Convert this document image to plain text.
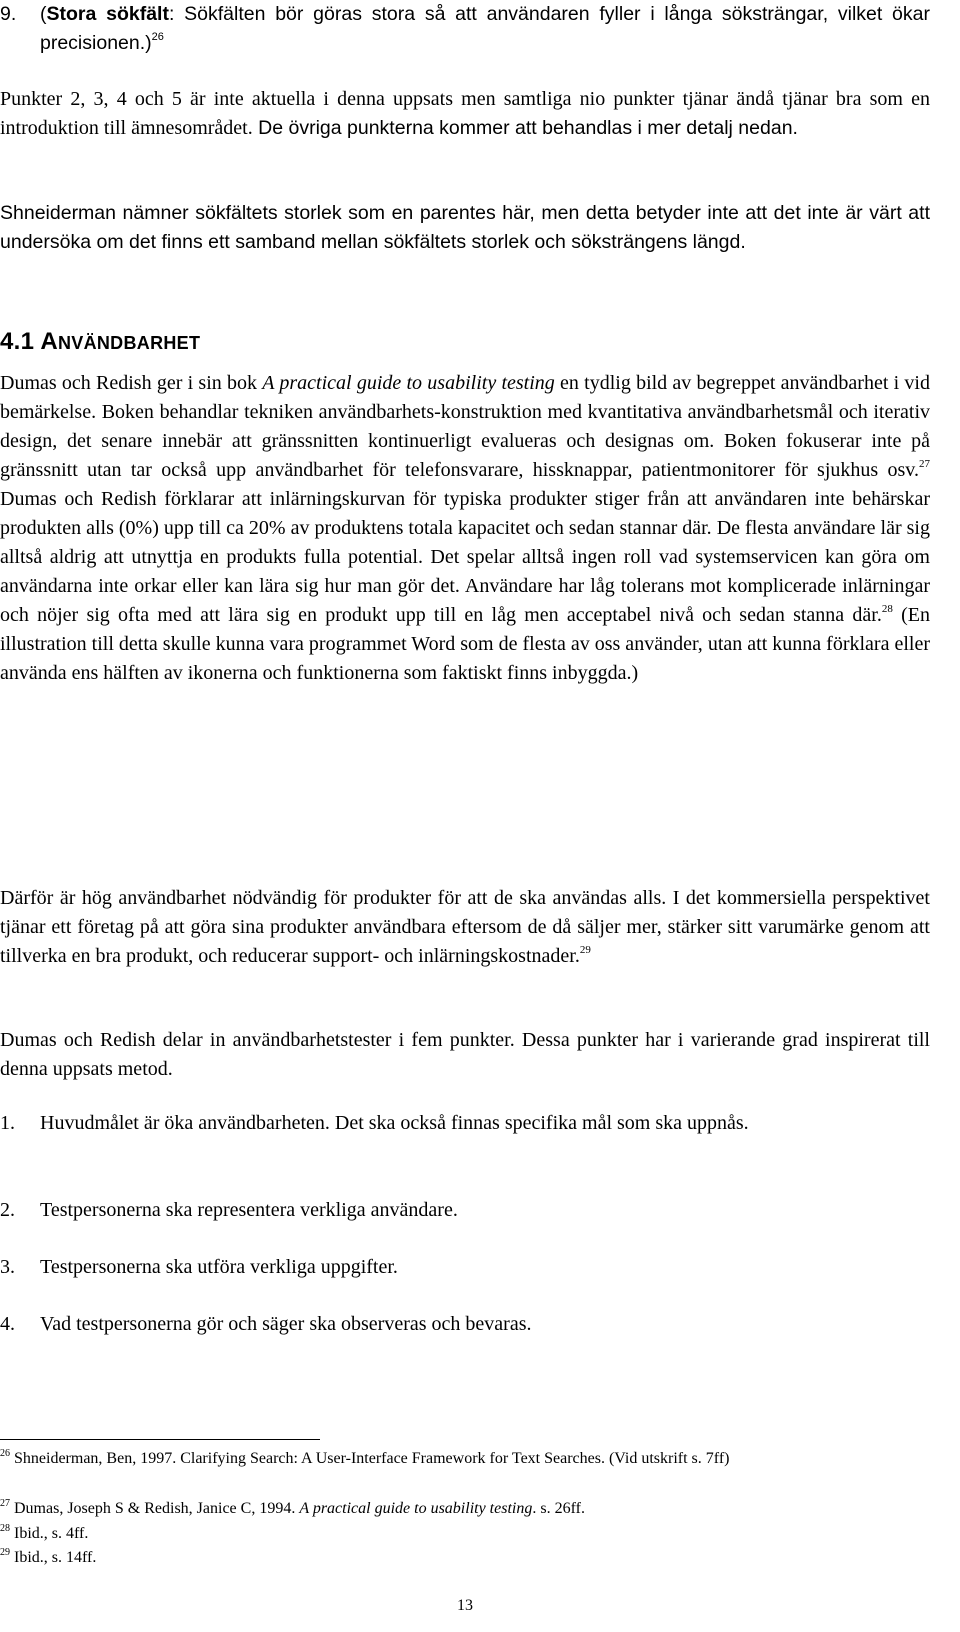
9.	(Stora sökfält: Sökfälten bör göras stora så att användaren fyller i långa söksträngar, vilket ökar precisionen.)$^{26}$

Punkter 2, 3, 4 och 5 är inte aktuella i denna uppsats men samtliga nio punkter tjänar ändå tjänar bra som en introduktion till ämnesområdet. De övriga punkterna kommer att behandlas i mer detalj nedan.

Shneiderman nämner sökfältets storlek som en parentes här, men detta betyder inte att det inte är värt att undersöka om det finns ett samband mellan sökfältets storlek och söksträngens längd.

4.1 ANVÄNDBARHET

Dumas och Redish ger i sin bok A practical guide to usability testing en tydlig bild av begreppet användbarhet i vid bemärkelse. Boken behandlar tekniken användbarhets-konstruktion med kvantitativa användbarhetsmål och iterativ design, det senare innebär att gränssnitten kontinuerligt evalueras och designas om. Boken fokuserar inte på gränssnitt utan tar också upp användbarhet för telefonsvarare, hissknappar, patientmonitorer för sjukhus osv.$^{27}$ Dumas och Redish förklarar att inlärningskurvan för typiska produkter stiger från att användaren inte behärskar produkten alls (0%) upp till ca 20% av produktens totala kapacitet och sedan stannar där. De flesta användare lär sig alltså aldrig att utnyttja en produkts fulla potential. Det spelar alltså ingen roll vad systemservicen kan göra om användarna inte orkar eller kan lära sig hur man gör det. Användare har låg tolerans mot komplicerade inlärningar och nöjer sig ofta med att lära sig en produkt upp till en låg men acceptabel nivå och sedan stanna där.$^{28}$ (En illustration till detta skulle kunna vara programmet Word som de flesta av oss använder, utan att kunna förklara eller använda ens hälften av ikonerna och funktionerna som faktiskt finns inbyggda.)

Därför är hög användbarhet nödvändig för produkter för att de ska användas alls. I det kommersiella perspektivet tjänar ett företag på att göra sina produkter användbara eftersom de då säljer mer, stärker sitt varumärke genom att tillverka en bra produkt, och reducerar support- och inlärningskostnader.$^{29}$

Dumas och Redish delar in användbarhetstester i fem punkter. Dessa punkter har i varierande grad inspirerat till denna uppsats metod.

1.	Huvudmålet är öka användbarheten. Det ska också finnas specifika mål som ska uppnås.

2.	Testpersonerna ska representera verkliga användare.

3.	Testpersonerna ska utföra verkliga uppgifter.

4.	Vad testpersonerna gör och säger ska observeras och bevaras.

$^{26}$ Shneiderman, Ben, 1997. Clarifying Search: A User-Interface Framework for Text Searches. (Vid utskrift s. 7ff)

$^{27}$ Dumas, Joseph S & Redish, Janice C, 1994. A practical guide to usability testing. s. 26ff.

$^{28}$ Ibid., s. 4ff.

$^{29}$ Ibid., s. 14ff.

13
